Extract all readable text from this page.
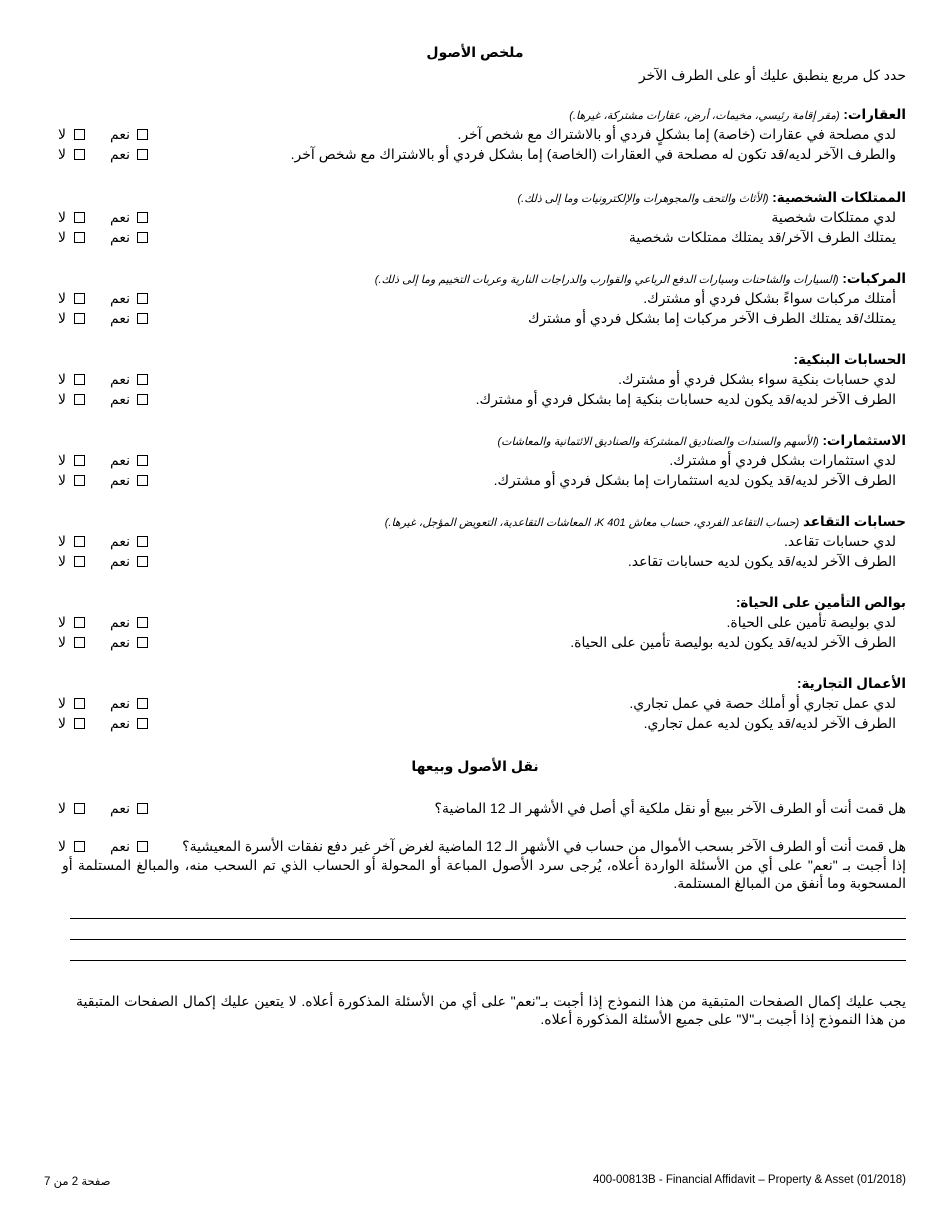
ملخص الأصول
حدد كل مربع ينطبق عليك أو على الطرف الآخر
العقارات: (مقر إقامة رئيسي، مخيمات، أرض، عقارات مشتركة، غيرها.)
لدي مصلحة في عقارات (خاصة) إما بشكلٍ فردي أو بالاشتراك مع شخص آخر.
لا	نعم
والطرف الآخر لديه/قد تكون له مصلحة في العقارات (الخاصة) إما بشكل فردي أو بالاشتراك مع شخص آخر.
لا	نعم
الممتلكات الشخصية: (الأثاث والتحف والمجوهرات والإلكترونيات وما إلى ذلك.)
لدي ممتلكات شخصية
لا	نعم
يمتلك الطرف الآخر/قد يمتلك ممتلكات شخصية
لا	نعم
المركبات: (السيارات والشاحنات وسيارات الدفع الرباعي والقوارب والدراجات النارية وعربات التخييم وما إلى ذلك.)
أمتلك مركبات سواءً بشكل فردي أو مشترك.
لا	نعم
يمتلك/قد يمتلك الطرف الآخر مركبات إما بشكل فردي أو مشترك
لا	نعم
الحسابات البنكية:
لدي حسابات بنكية سواء بشكل فردي أو مشترك.
لا	نعم
الطرف الآخر لديه/قد يكون لديه حسابات بنكية إما بشكل فردي أو مشترك.
لا	نعم
الاستثمارات: (الأسهم والسندات والصناديق المشتركة والصناديق الائتمانية والمعاشات)
لدي استثمارات بشكل فردي أو مشترك.
لا	نعم
الطرف الآخر لديه/قد يكون لديه استثمارات إما بشكل فردي أو مشترك.
لا	نعم
حسابات التقاعد (حساب التقاعد الفردي، حساب معاش 401 K، المعاشات التقاعدية، التعويض المؤجل، غيرها.)
لدي حسابات تقاعد.
لا	نعم
الطرف الآخر لديه/قد يكون لديه حسابات تقاعد.
لا	نعم
بوالص التأمين على الحياة:
لدي بوليصة تأمين على الحياة.
لا	نعم
الطرف الآخر لديه/قد يكون لديه بوليصة تأمين على الحياة.
لا	نعم
الأعمال التجارية:
لدي عمل تجاري أو أملك حصة في عمل تجاري.
لا	نعم
الطرف الآخر لديه/قد يكون لديه عمل تجاري.
لا	نعم
نقل الأصول وبيعها
هل قمت أنت أو الطرف الآخر ببيع أو نقل ملكية أي أصل في الأشهر الـ 12 الماضية؟
لا	نعم
هل قمت أنت أو الطرف الآخر بسحب الأموال من حساب في الأشهر الـ 12 الماضية لغرض آخر غير دفع نفقات الأسرة المعيشية؟
لا	نعم
إذا أجبت بـ "نعم" على أي من الأسئلة الواردة أعلاه، يُرجى سرد الأصول المباعة أو المحولة أو الحساب الذي تم السحب منه، والمبالغ المستلمة أو المسحوبة وما أنفق من المبالغ المستلمة.
يجب عليك إكمال الصفحات المتبقية من هذا النموذج إذا أجبت بـ"نعم" على أي من الأسئلة المذكورة أعلاه. لا يتعين عليك إكمال الصفحات المتبقية من هذا النموذج إذا أجبت بـ"لا" على جميع الأسئلة المذكورة أعلاه.
400-00813B - Financial Affidavit – Property & Asset (01/2018)
صفحة 2 من 7
